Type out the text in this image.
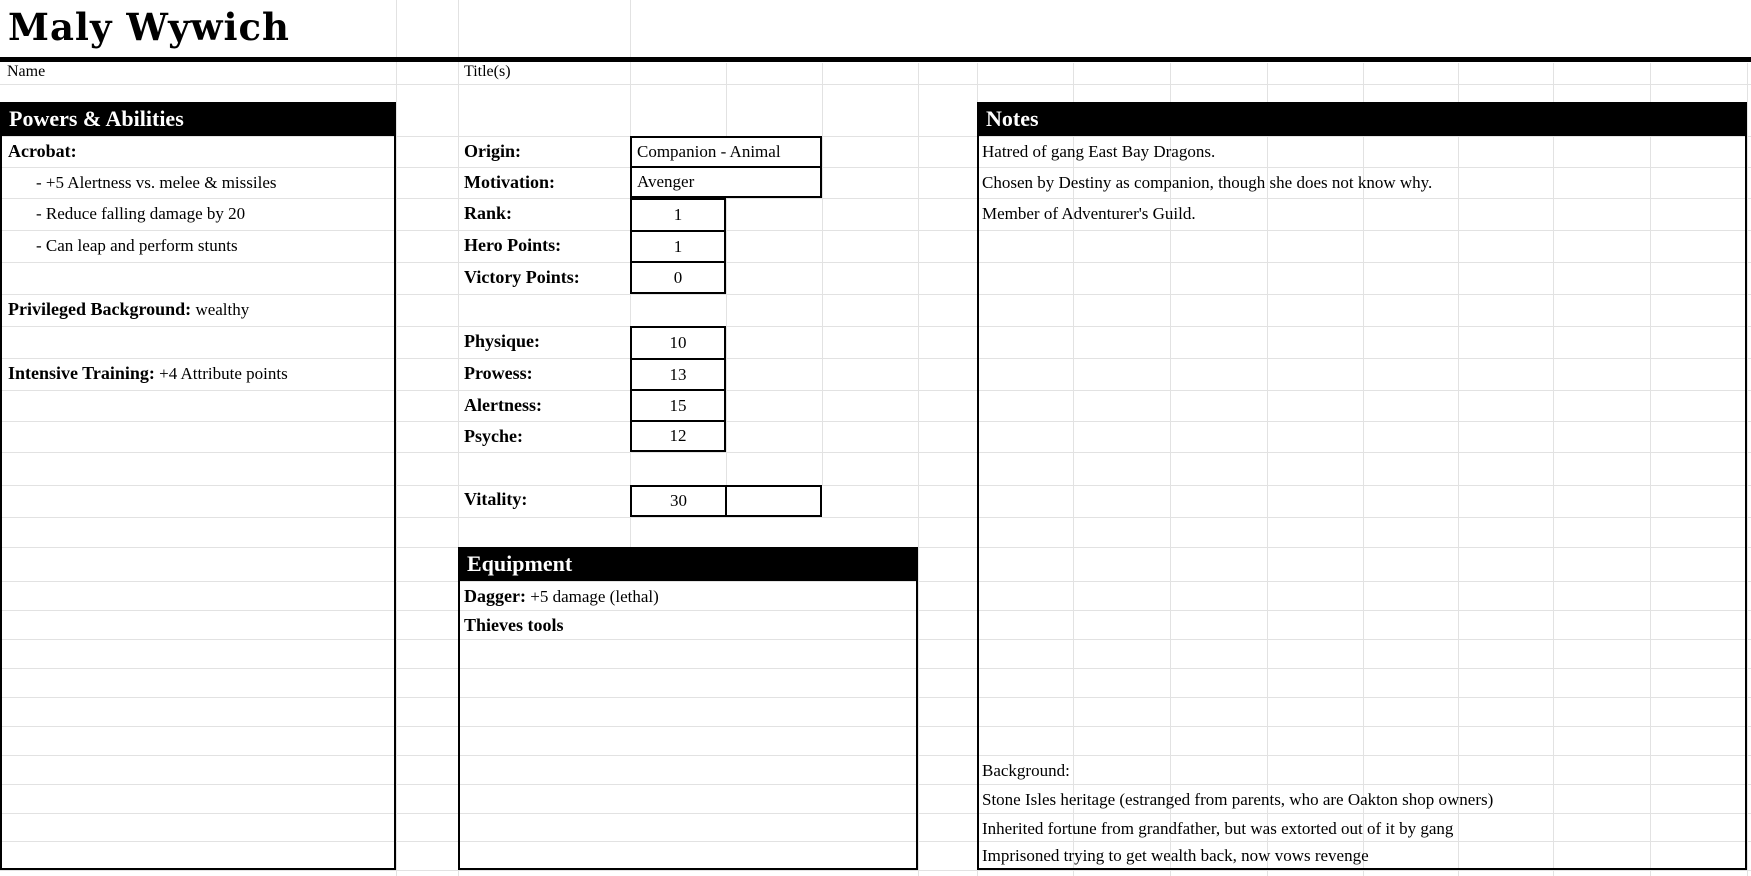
Maly Wywich
Name	Title(s)
Powers & Abilities
Acrobat:
- +5 Alertness vs. melee & missiles
- Reduce falling damage by 20
- Can leap and perform stunts
Privileged Background: wealthy
Intensive Training: +4 Attribute points
Origin:
Motivation:
Rank:
Hero Points:
Victory Points:
Physique:
Prowess:
Alertness:
Psyche:
Vitality:
Companion - Animal
Avenger
1
1
0
10
13
15
12
30
Equipment
Dagger: +5 damage (lethal)
Thieves tools
Notes
Hatred of gang East Bay Dragons.
Chosen by Destiny as companion, though she does not know why.
Member of Adventurer's Guild.
Background:
Stone Isles heritage (estranged from parents, who are Oakton shop owners)
Inherited fortune from grandfather, but was extorted out of it by gang
Imprisoned trying to get wealth back, now vows revenge
